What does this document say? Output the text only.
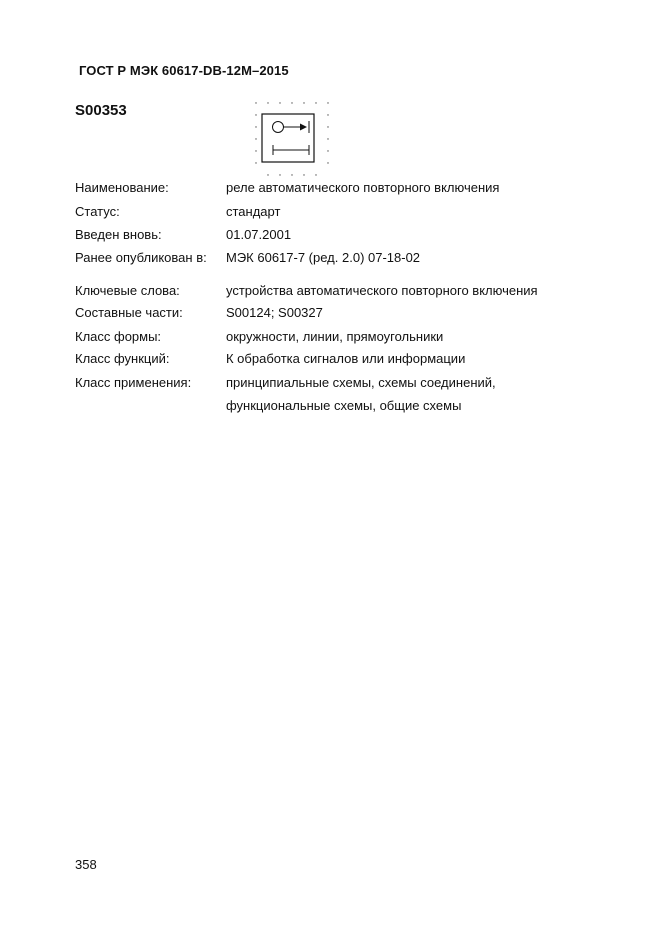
ГОСТ Р МЭК 60617-DB-12M–2015
S00353
Наименование:	реле автоматического повторного включения
Статус:	стандарт
Введен вновь:	01.07.2001
Ранее опубликован в: МЭК 60617-7 (ред. 2.0) 07-18-02
Ключевые слова:	устройства автоматического повторного включения
Составные части:	S00124; S00327
Класс формы:	окружности, линии, прямоугольники
Класс функций:	К обработка сигналов или информации
Класс применения:	принципиальные схемы, схемы соединений,
функциональные схемы, общие схемы
358
